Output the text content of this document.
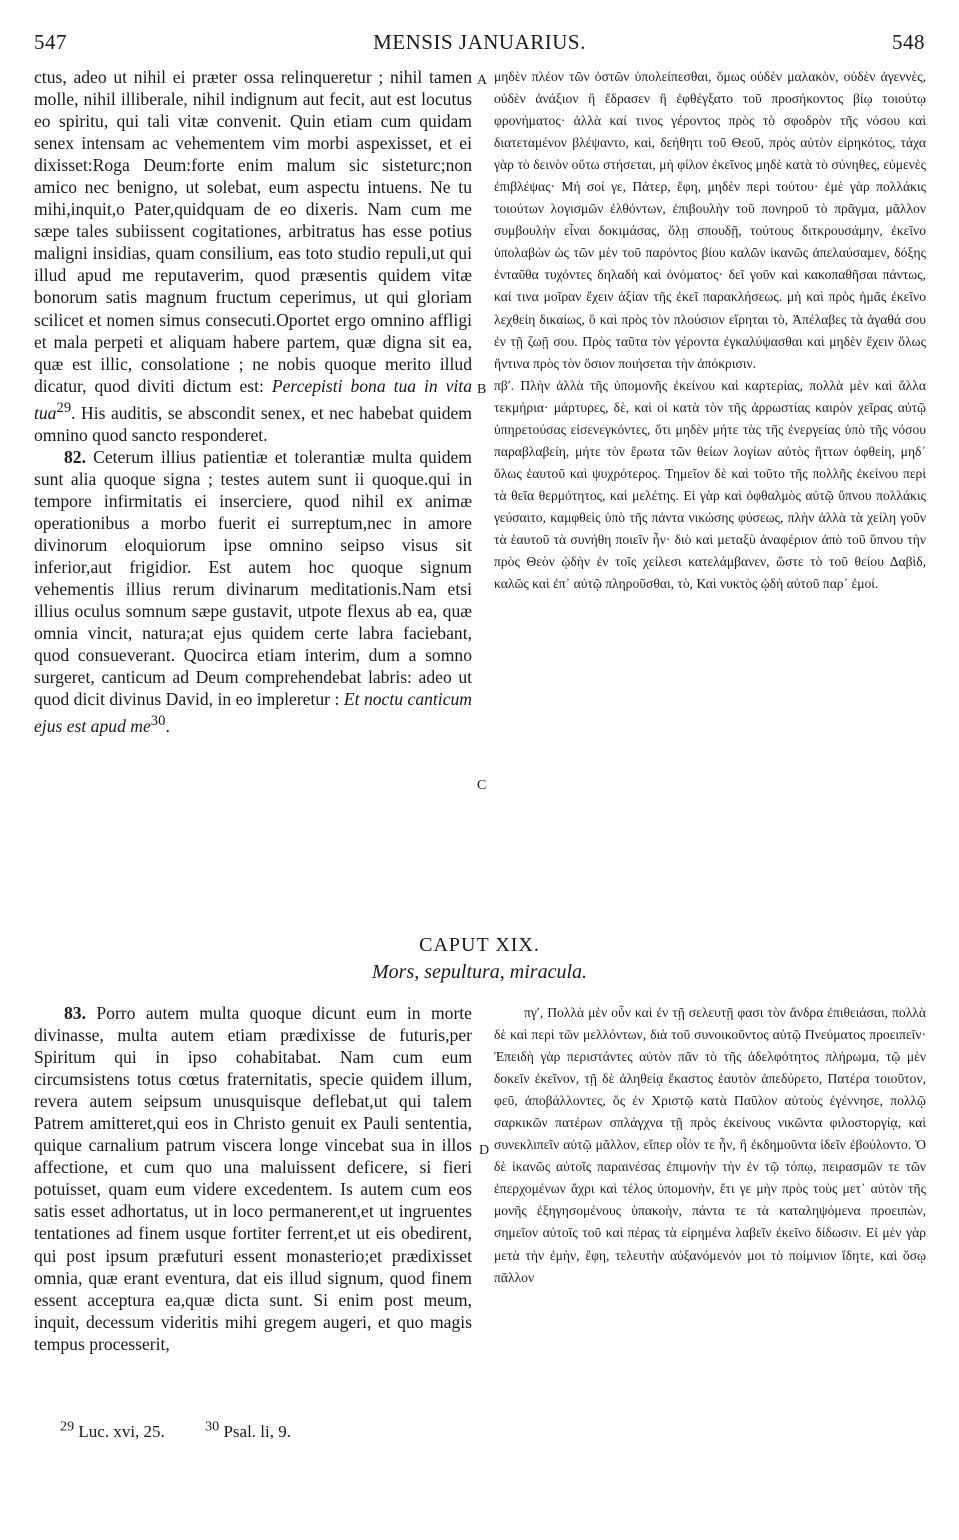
547	MENSIS JANUARIUS.	548
A
B
C
D

ctus, adeo ut nihil ei præter ossa relinqueretur ; nihil tamen molle, nihil illiberale, nihil indignum aut fecit, aut est locutus eo spiritu, qui tali vitæ convenit. Quin etiam cum quidam senex intensam ac vehementem vim morbi aspexisset, et ei dixisset:Roga Deum:forte enim malum sic sisteturc;non amico nec benigno, ut solebat, eum aspectu intuens. Ne tu mihi,inquit,o Pater,quidquam de eo dixeris. Nam cum me sæpe tales subiissent cogitationes, arbitratus has esse potius maligni insidias, quam consilium, eas toto studio repuli,ut qui illud apud me reputaverim, quod præsentis quidem vitæ bonorum satis magnum fructum ceperimus, ut qui gloriam scilicet et nomen simus consecuti.Oportet ergo omnino affligi et mala perpeti et aliquam habere partem, quæ digna sit ea, quæ est illic, consolatione ; ne nobis quoque merito illud dicatur, quod diviti dictum est: Percepisti bona tua in vita tua$^{29}$. His auditis, se abscondit senex, et nec habebat quidem omnino quod sancto responderet.

82. Ceterum illius patientiæ et tolerantiæ multa quidem sunt alia quoque signa ; testes autem sunt ii quoque.qui in tempore infirmitatis ei inserciere, quod nihil ex animæ operationibus a morbo fuerit ei surreptum,nec in amore divinorum eloquiorum ipse omnino seipso visus sit inferior,aut frigidior. Est autem hoc quoque signum vehementis illius rerum divinarum meditationis.Nam etsi illius oculus somnum sæpe gustavit, utpote flexus ab ea, quæ omnia vincit, natura;at ejus quidem certe labra faciebant, quod consueverant. Quocirca etiam interim, dum a somno surgeret, canticum ad Deum comprehendebat labris: adeo ut quod dicit divinus David, in eo impleretur : Et noctu canticum ejus est apud $me^{30}$.

μηδὲν πλέον τῶν ὀστῶν ὑπολείπεσθαι, ὅμως οὐδὲν μαλακὸν, οὐδὲν ἀγεννὲς, οὐδὲν ἀνάξιον ἢ ἔδρασεν ἢ ἐφθέγξατο τοῦ προσήκοντος βίῳ τοιούτῳ φρονήματος· ἀλλὰ καί τινος γέροντος πρὸς τὸ σφοδρὸν τῆς νόσου καὶ διατεταμένον βλέψαντο, καὶ, δεήθητι τοῦ Θεοῦ, πρὸς αὐτὸν εἰρηκότος, τάχα γὰρ τὸ δεινὸν οὕτω στήσεται, μὴ φίλον ἐκεῖνος μηδὲ κατὰ τὸ σύνηθες, εὐμενὲς ἐπιβλέψας· Μή σοί γε, Πάτερ, ἔφη, μηδὲν περὶ τούτου· ἐμὲ γὰρ πολλάκις τοιούτων λογισμῶν ἐλθόντων, ἐπιβουλὴν τοῦ πονηροῦ τὸ πρᾶγμα, μᾶλλον συμβουλὴν εἶναι δοκιμάσας, ὅλῃ σπουδῇ, τούτους διτκρουσάμην, ἐκεῖνο ὑπολαβὼν ὡς τῶν μὲν τοῦ παρόντος βίου καλῶν ἱκανῶς ἀπελαύσαμεν, δόξης ἐνταῦθα τυχόντες δηλαδὴ καὶ ὀνόματος· δεῖ γοῦν καὶ κακοπαθῆσαι πάντως, καί τινα μοῖραν ἔχειν ἀξίαν τῆς ἐκεῖ παρακλήσεως. μὴ καὶ πρὸς ἡμᾶς ἐκεῖνο λεχθείη δικαίως, ὃ καὶ πρὸς τὸν πλούσιον εἴρηται τὸ, Ἀπέλαβες τὰ ἀγαθά σου ἐν τῇ ζωῇ σου. Πρὸς ταῦτα τὸν γέροντα ἐγκαλύψασθαι καὶ μηδὲν ἔχειν ὅλως ἥντινα πρὸς τὸν ὅσιον ποιήσεται τὴν ἀπόκρισιν.

πβʹ. Πλὴν ἀλλὰ τῆς ὑπομονῆς ἐκείνου καὶ καρτερίας, πολλὰ μὲν καὶ ἄλλα τεκμήρια· μάρτυρες, δὲ, καὶ οἱ κατὰ τὸν τῆς ἀρρωστίας καιρὸν χεῖρας αὐτῷ ὑπηρετούσας εἰσενεγκόντες, ὅτι μηδὲν μήτε τὰς τῆς ἐνεργείας ὑπὸ τῆς νόσου παραβλαβείη, μήτε τὸν ἔρωτα τῶν θείων λογίων αὐτὸς ἥττων ὀφθείη, μηδ᾽ ὅλως ἑαυτοῦ καὶ ψυχρότερος. Τημεῖον δὲ καὶ τοῦτο τῆς πολλῆς ἐκείνου περὶ τὰ θεῖα θερμότητος, καὶ μελέτης. Εἰ γὰρ καὶ ὀφθαλμὸς αὐτῷ ὕπνου πολλάκις γεύσαιτο, καμφθεὶς ὑπὸ τῆς πάντα νικώσης φύσεως, πλὴν ἀλλὰ τὰ χείλη γοῦν τὰ ἑαυτοῦ τὰ συνήθη ποιεῖν ἦν· διὸ καὶ μεταξὺ ἀναφέριον ἀπὸ τοῦ ὕπνου τὴν πρὸς Θεὸν ᾠδὴν ἐν τοῖς χείλεσι κατελάμβανεν, ὥστε τὸ τοῦ θείου Δαβὶδ, καλῶς καὶ ἐπ᾽ αὐτῷ πληροῦσθαι, τὸ, Καὶ νυκτὸς ᾠδὴ αὐτοῦ παρ᾽ ἐμοί.

CAPUT XIX.
Mors, sepultura, miracula.

83. Porro autem multa quoque dicunt eum in morte divinasse, multa autem etiam prædixisse de futuris,per Spiritum qui in ipso cohabitabat. Nam cum eum circumsistens totus cœtus fraternitatis, specie quidem illum, revera autem seipsum unusquisque deflebat,ut qui talem Patrem amitteret,qui eos in Christo genuit ex Pauli sententia, quique carnalium patrum viscera longe vincebat sua in illos affectione, et cum quo una maluissent deficere, si fieri potuisset, quam eum videre excedentem. Is autem cum eos satis esset adhortatus, ut in loco permanerent,et ut ingruentes tentationes ad finem usque fortiter ferrent,et ut eis obedirent, qui post ipsum præfuturi essent monasterio;et prædixisset omnia, quæ erant eventura, dat eis illud signum, quod finem essent acceptura ea,quæ dicta sunt. Si enim post meum, inquit, decessum videritis mihi gregem augeri, et quo magis tempus processerit,

πγʹ, Πολλὰ μὲν οὖν καὶ ἐν τῇ σελευτῇ φασι τὸν ἄνδρα ἐπιθειάσαι, πολλὰ δὲ καὶ περὶ τῶν μελλόντων, διὰ τοῦ συνοικοῦντος αὐτῷ Πνεύματος προειπεῖν· Ἐπειδὴ γὰρ περιστάντες αὐτὸν πᾶν τὸ τῆς ἀδελφότητος πλήρωμα, τῷ μὲν δοκεῖν ἐκεῖνον, τῇ δὲ ἀληθείᾳ ἕκαστος ἑαυτὸν ἀπεδύρετο, Πατέρα τοιοῦτον, φεῦ, ἀποβάλλοντες, ὅς ἐν Χριστῷ κατὰ Παῦλον αὐτοὺς ἐγέννησε, πολλῷ σαρκικῶν πατέρων σπλάγχνα τῇ πρὸς ἐκείνους νικῶντα φιλοστοργίᾳ, καὶ συνεκλιπεῖν αὐτῷ μᾶλλον, εἴπερ οἷόν τε ἦν, ἢ ἐκδημοῦντα ἰδεῖν ἐβούλοντο. Ὁ δὲ ἱκανῶς αὐτοῖς παραινέσας ἐπιμονὴν τὴν ἐν τῷ τόπῳ, πειρασμῶν τε τῶν ἐπερχομένων ἄχρι καὶ τέλος ὑπομονὴν, ἔτι γε μὴν πρὸς τοὺς μετ᾽ αὐτὸν τῆς μονῆς ἐξηγησομένους ὑπακοὴν, πάντα τε τὰ καταληψόμενα προειπὼν, σημεῖον αὐτοῖς τοῦ καὶ πέρας τὰ εἰρημένα λαβεῖν ἐκεῖνο δίδωσιν. Εἰ μὲν γὰρ μετὰ τὴν ἐμὴν, ἔφη, τελευτὴν αὐξανόμενόν μοι τὸ ποίμνιον ἴδητε, καὶ ὅσῳ πᾶλλον

$^{29}$ Luc. xvi, 25.	$^{30}$ Psal. li, 9.
